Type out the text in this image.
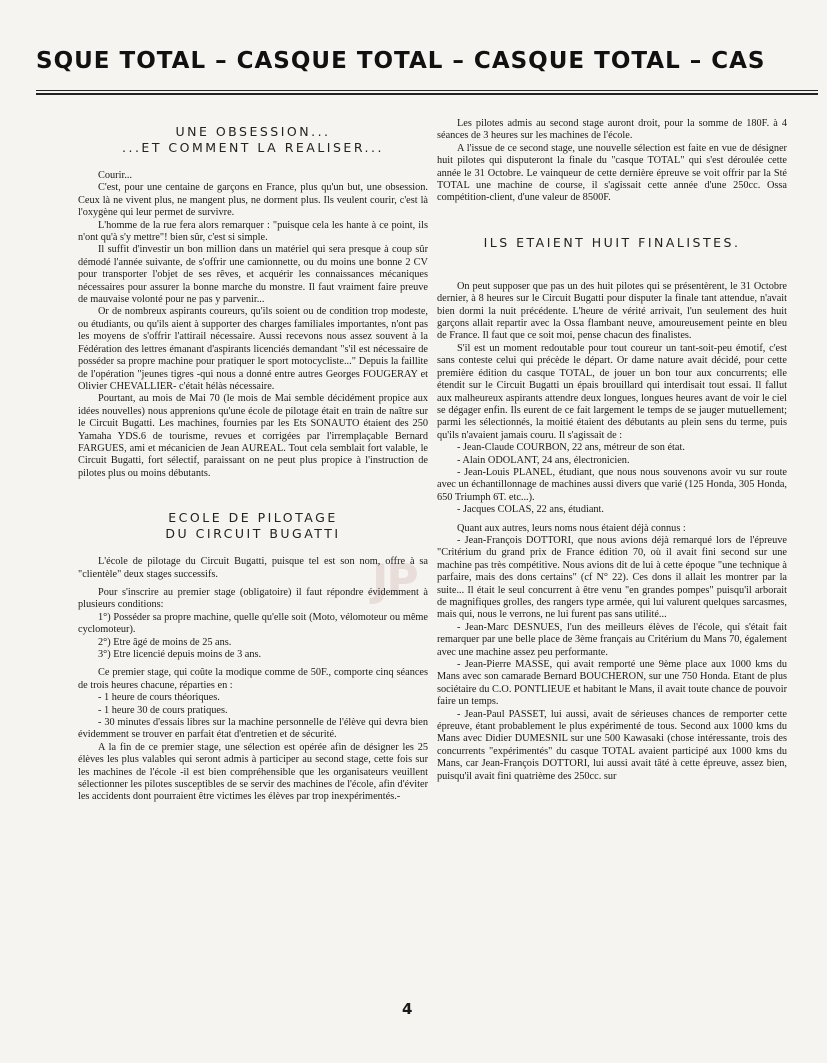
SQUE TOTAL – CASQUE TOTAL – CASQUE TOTAL – CAS
JP
UNE OBSESSION...
...ET COMMENT LA REALISER...

Courir...

C'est, pour une centaine de garçons en France, plus qu'un but, une obsession. Ceux là ne vivent plus, ne mangent plus, ne dorment plus. Ils veulent courir, c'est là l'oxygène qui leur permet de survivre.

L'homme de la rue fera alors remarquer : "puisque cela les hante à ce point, ils n'ont qu'à s'y mettre"! bien sûr, c'est si simple.

Il suffit d'investir un bon million dans un matériel qui sera presque à coup sûr démodé l'année suivante, de s'offrir une camionnette, ou du moins une bonne 2 CV pour transporter l'objet de ses rêves, et acquérir les connaissances mécaniques nécessaires pour assurer la bonne marche du monstre. Il faut vraiment faire preuve de mauvaise volonté pour ne pas y parvenir...

Or de nombreux aspirants coureurs, qu'ils soient ou de condition trop modeste, ou étudiants, ou qu'ils aient à supporter des charges familiales importantes, n'ont pas les moyens de s'offrir l'attirail nécessaire. Aussi recevons nous assez souvent à la Fédération des lettres émanant d'aspirants licenciés demandant "s'il est nécessaire de posséder sa propre machine pour pratiquer le sport motocycliste..." Depuis la faillite de l'opération "jeunes tigres -qui nous a donné entre autres Georges FOUGERAY et Olivier CHEVALLIER- c'était hélàs nécessaire.

Pourtant, au mois de Mai 70 (le mois de Mai semble décidément propice aux idées nouvelles) nous apprenions qu'une école de pilotage était en train de naître sur le Circuit Bugatti. Les machines, fournies par les Ets SONAUTO étaient des 250 Yamaha YDS.6 de tourisme, revues et corrigées par l'irremplaçable Bernard FARGUES, ami et mécanicien de Jean AUREAL. Tout cela semblait fort valable, le Circuit Bugatti, fort sélectif, paraissant on ne peut plus propice à l'instruction de pilotes plus ou moins débutants.

ECOLE DE PILOTAGE
DU CIRCUIT BUGATTI

L'école de pilotage du Circuit Bugatti, puisque tel est son nom, offre à sa "clientèle" deux stages successifs.

Pour s'inscrire au premier stage (obligatoire) il faut répondre évidemment à plusieurs conditions:

1°) Posséder sa propre machine, quelle qu'elle soit (Moto, vélomoteur ou même cyclomoteur).

2°) Etre âgé de moins de 25 ans.

3°) Etre licencié depuis moins de 3 ans.

Ce premier stage, qui coûte la modique comme de 50F., comporte cinq séances de trois heures chacune, réparties en :

- 1 heure de cours théoriques.

- 1 heure 30 de cours pratiques.

- 30 minutes d'essais libres sur la machine personnelle de l'élève qui devra bien évidemment se trouver en parfait état d'entretien et de sécurité.

A la fin de ce premier stage, une sélection est opérée afin de désigner les 25 élèves les plus valables qui seront admis à participer au second stage, cette fois sur les machines de l'école -il est bien compréhensible que les organisateurs veuillent sélectionner les pilotes susceptibles de se servir des machines de l'école, afin d'éviter les accidents dont pourraient être victimes les élèves par trop inexpérimentés.-

Les pilotes admis au second stage auront droit, pour la somme de 180F. à 4 séances de 3 heures sur les machines de l'école.

A l'issue de ce second stage, une nouvelle sélection est faite en vue de désigner huit pilotes qui disputeront la finale du "casque TOTAL" qui s'est déroulée cette année le 31 Octobre. Le vainqueur de cette dernière épreuve se voit offrir par la Sté TOTAL une machine de course, il s'agissait cette année d'une 250cc. Ossa compétition-client, d'une valeur de 8500F.

ILS ETAIENT HUIT FINALISTES.

On peut supposer que pas un des huit pilotes qui se présentèrent, le 31 Octobre dernier, à 8 heures sur le Circuit Bugatti pour disputer la finale tant attendue, n'avait bien dormi la nuit précédente. L'heure de vérité arrivait, l'un seulement des huit garçons allait repartir avec la Ossa flambant neuve, amoureusement peinte en bleu de France. Il faut que ce soit moi, pense chacun des finalistes.

S'il est un moment redoutable pour tout coureur un tant-soit-peu émotif, c'est sans conteste celui qui précède le départ. Or dame nature avait décidé, pour cette première édition du casque TOTAL, de jouer un bon tour aux concurrents; elle étendit sur le Circuit Bugatti un épais brouillard qui interdisait tout essai. Il fallut aux malheureux aspirants attendre deux longues, longues heures avant de voir le ciel se dégager enfin. Ils eurent de ce fait largement le temps de se jauger mutuellement; parmi les sélectionnés, la moitié étaient des débutants au plein sens du terme, puis qu'ils n'avaient jamais couru. Il s'agissait de :

- Jean-Claude COURBON, 22 ans, métreur de son état.

- Alain ODOLANT, 24 ans, électronicien.

- Jean-Louis PLANEL, étudiant, que nous nous souvenons avoir vu sur route avec un échantillonnage de machines aussi divers que varié (125 Honda, 305 Honda, 650 Triumph 6T. etc...).

- Jacques COLAS, 22 ans, étudiant.

Quant aux autres, leurs noms nous étaient déjà connus :

- Jean-François DOTTORI, que nous avions déjà remarqué lors de l'épreuve "Critérium du grand prix de France édition 70, où il avait fini second sur une machine pas très compétitive. Nous avions dit de lui à cette époque "une technique à parfaire, mais des dons certains" (cf N° 22). Ces dons il allait les montrer par la suite... Il était le seul concurrent à être venu "en grandes pompes" puisqu'il arborait de magnifiques grolles, des rangers type armée, qui lui valurent quelques sarcasmes, mais qui, nous le verrons, ne lui furent pas sans utilité...

- Jean-Marc DESNUES, l'un des meilleurs élèves de l'école, qui s'était fait remarquer par une belle place de 3ème français au Critérium du Mans 70, également avec une machine assez peu performante.

- Jean-Pierre MASSE, qui avait remporté une 9ème place aux 1000 kms du Mans avec son camarade Bernard BOUCHERON, sur une 750 Honda. Etant de plus sociétaire du C.O. PONTLIEUE et habitant le Mans, il avait toute chance de pouvoir faire un temps.

- Jean-Paul PASSET, lui aussi, avait de sérieuses chances de remporter cette épreuve, étant probablement le plus expérimenté de tous. Second aux 1000 kms du Mans avec Didier DUMESNIL sur une 500 Kawasaki (chose intéressante, trois des concurrents "expérimentés" du casque TOTAL avaient participé aux 1000 kms du Mans, car Jean-François DOTTORI, lui aussi avait tâté à cette épreuve, assez bien, puisqu'il avait fini quatrième des 250cc. sur

4
